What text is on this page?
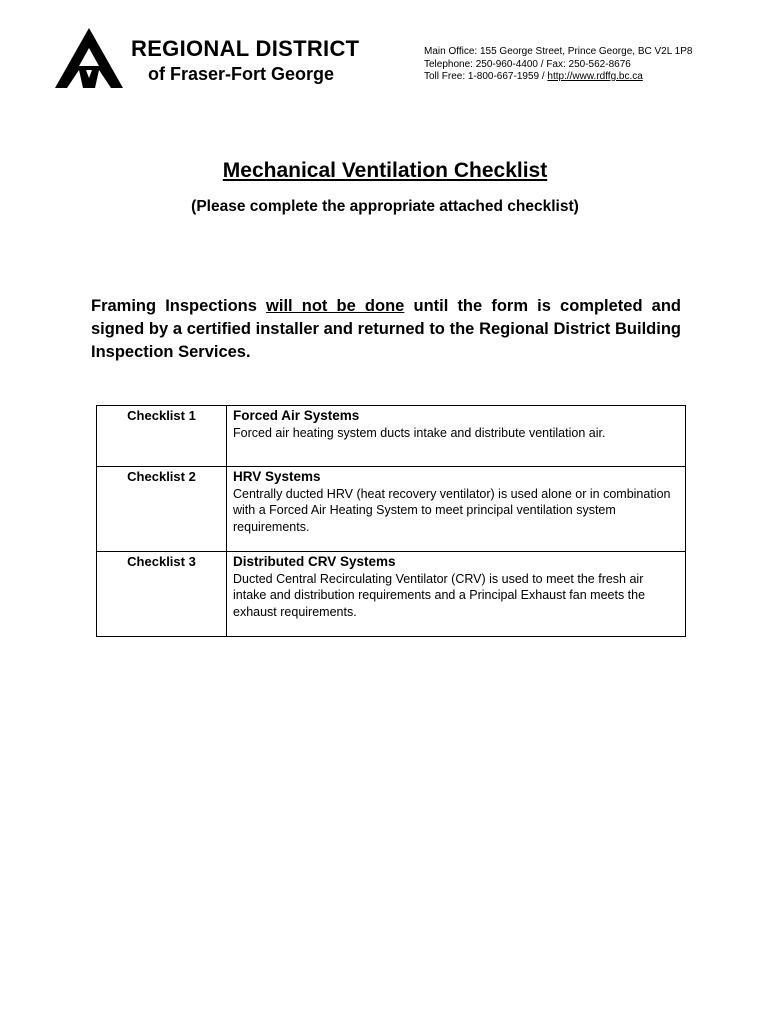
REGIONAL DISTRICT
of Fraser-Fort George
Main Office: 155 George Street, Prince George, BC V2L 1P8
Telephone: 250-960-4400 / Fax: 250-562-8676
Toll Free: 1-800-667-1959 / http://www.rdffg.bc.ca
Mechanical Ventilation Checklist
(Please complete the appropriate attached checklist)
Framing Inspections will not be done until the form is completed and signed by a certified installer and returned to the Regional District Building Inspection Services.
Checklist 1	Forced Air Systems
Forced air heating system ducts intake and distribute ventilation air.

Checklist 2	HRV Systems
Centrally ducted HRV (heat recovery ventilator) is used alone or in combination with a Forced Air Heating System to meet principal ventilation system requirements.

Checklist 3	Distributed CRV Systems
Ducted Central Recirculating Ventilator (CRV) is used to meet the fresh air intake and distribution requirements and a Principal Exhaust fan meets the exhaust requirements.
